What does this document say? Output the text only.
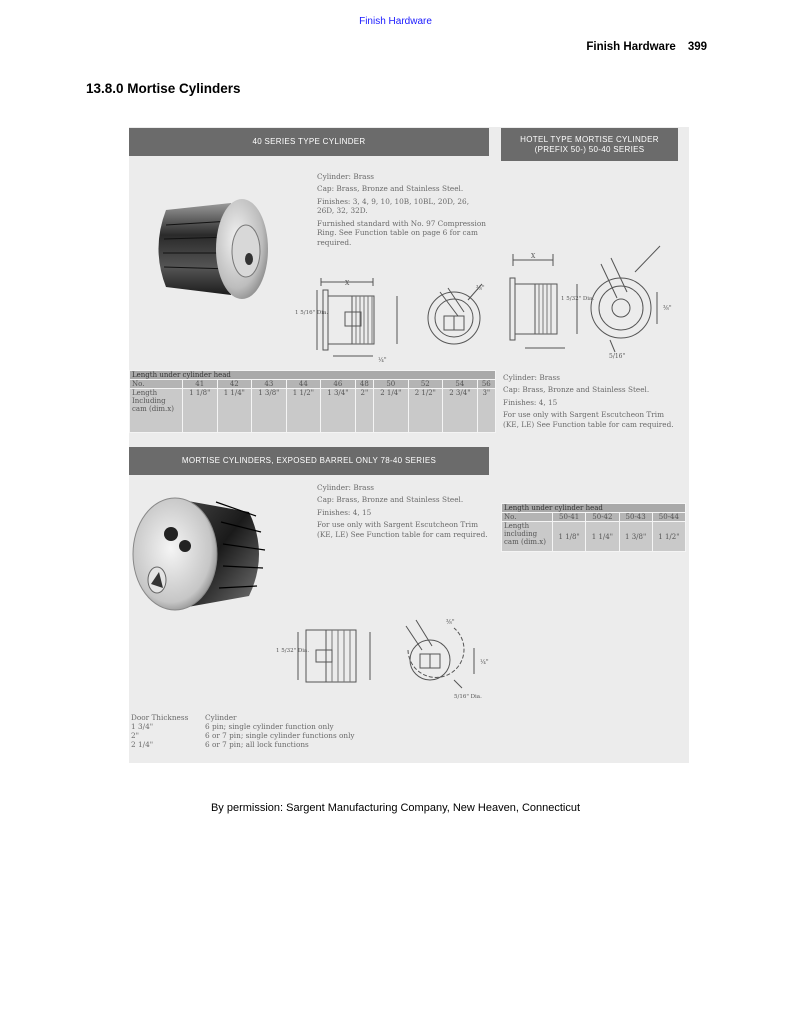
Finish Hardware
Finish Hardware 399
13.8.0 Mortise Cylinders
40 SERIES TYPE CYLINDER

Cylinder: Brass

Cap: Brass, Bronze and Stainless Steel.

Finishes: 3, 4, 9, 10, 10B, 10BL, 20D, 26, 26D, 32, 32D.

Furnished standard with No. 97 Compression Ring. See Function table on page 6 for cam required.

X
1 5/16" Dia.
¼"
⅜"
HOTEL TYPE MORTISE CYLINDER
(PREFIX 50-) 50-40 SERIES
X
1 5/32" Dia.
⅜"
5/16"
Length under cylinder head										
No.	41	42	43	44	46	48	50	52	54	56
Length Including cam (dim.x)	1 1/8"	1 1/4"	1 3/8"	1 1/2"	1 3/4"	2"	2 1/4"	2 1/2"	2 3/4"	3"

Cylinder: Brass

Cap: Brass, Bronze and Stainless Steel.

Finishes: 4, 15

For use only with Sargent Escutcheon Trim (KE, LE) See Function table for cam required.

MORTISE CYLINDERS, EXPOSED BARREL ONLY 78-40 SERIES

Cylinder: Brass

Cap: Brass, Bronze and Stainless Steel.

Finishes: 4, 15

For use only with Sargent Escutcheon Trim (KE, LE) See Function table for cam required.

Length under cylinder head				
No.	50-41	50-42	50-43	50-44
Length including cam (dim.x)	1 1/8"	1 1/4"	1 3/8"	1 1/2"
1 5/32" Dia.
⅜"
¼"
5/16" Dia.
Door Thickness Cylinder
1 3/4"	6 pin; single cylinder function only
2"	6 or 7 pin; single cylinder functions only
2 1/4"	6 or 7 pin; all lock functions
By permission: Sargent Manufacturing Company, New Heaven, Connecticut
